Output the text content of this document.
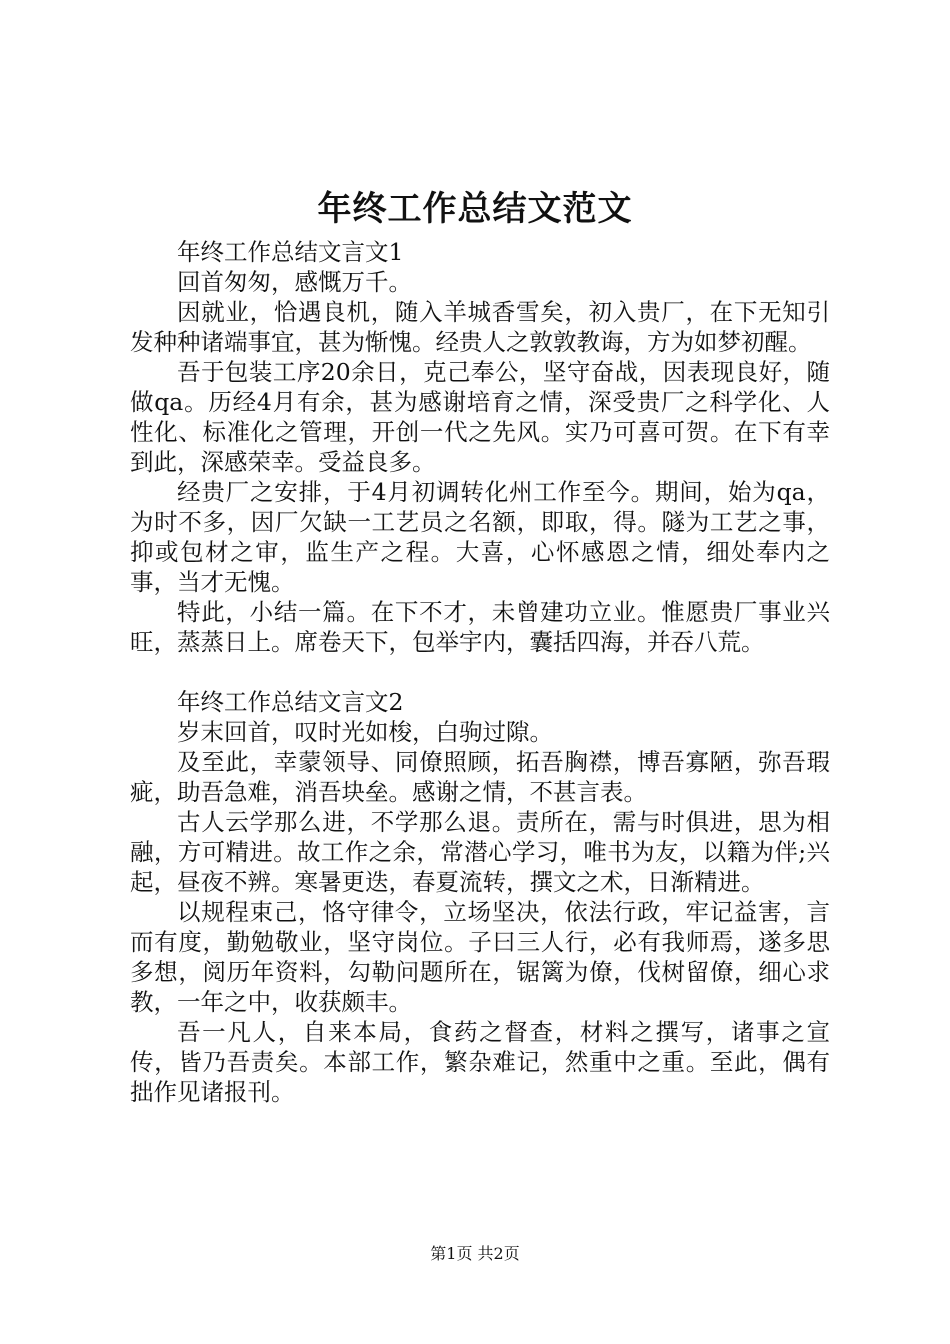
年终工作总结文范文

年终工作总结文言文1

回首匆匆，感慨万千。

因就业，恰遇良机，随入羊城香雪矣，初入贵厂，在下无知引发种种诸端事宜，甚为惭愧。经贵人之敦敦教诲，方为如梦初醒。

吾于包装工序20余日，克己奉公，坚守奋战，因表现良好，随做qa。历经4月有余，甚为感谢培育之情，深受贵厂之科学化、人性化、标准化之管理，开创一代之先风。实乃可喜可贺。在下有幸到此，深感荣幸。受益良多。

经贵厂之安排，于4月初调转化州工作至今。期间，始为qa，为时不多，因厂欠缺一工艺员之名额，即取，得。隧为工艺之事，抑或包材之审，监生产之程。大喜，心怀感恩之情，细处奉内之事，当才无愧。

特此，小结一篇。在下不才，未曾建功立业。惟愿贵厂事业兴旺，蒸蒸日上。席卷天下，包举宇内，囊括四海，并吞八荒。

年终工作总结文言文2

岁末回首，叹时光如梭，白驹过隙。

及至此，幸蒙领导、同僚照顾，拓吾胸襟，博吾寡陋，弥吾瑕疵，助吾急难，消吾块垒。感谢之情，不甚言表。

古人云学那么进，不学那么退。责所在，需与时俱进，思为相融，方可精进。故工作之余，常潜心学习，唯书为友，以籍为伴;兴起，昼夜不辨。寒暑更迭，春夏流转，撰文之术，日渐精进。

以规程束己，恪守律令，立场坚决，依法行政，牢记益害，言而有度，勤勉敬业，坚守岗位。子曰三人行，必有我师焉，遂多思多想，阅历年资料，勾勒问题所在，锯篱为僚，伐树留僚，细心求教，一年之中，收获颇丰。

吾一凡人，自来本局，食药之督查，材料之撰写，诸事之宣传，皆乃吾责矣。本部工作，繁杂难记，然重中之重。至此，偶有拙作见诸报刊。

第1页 共2页
